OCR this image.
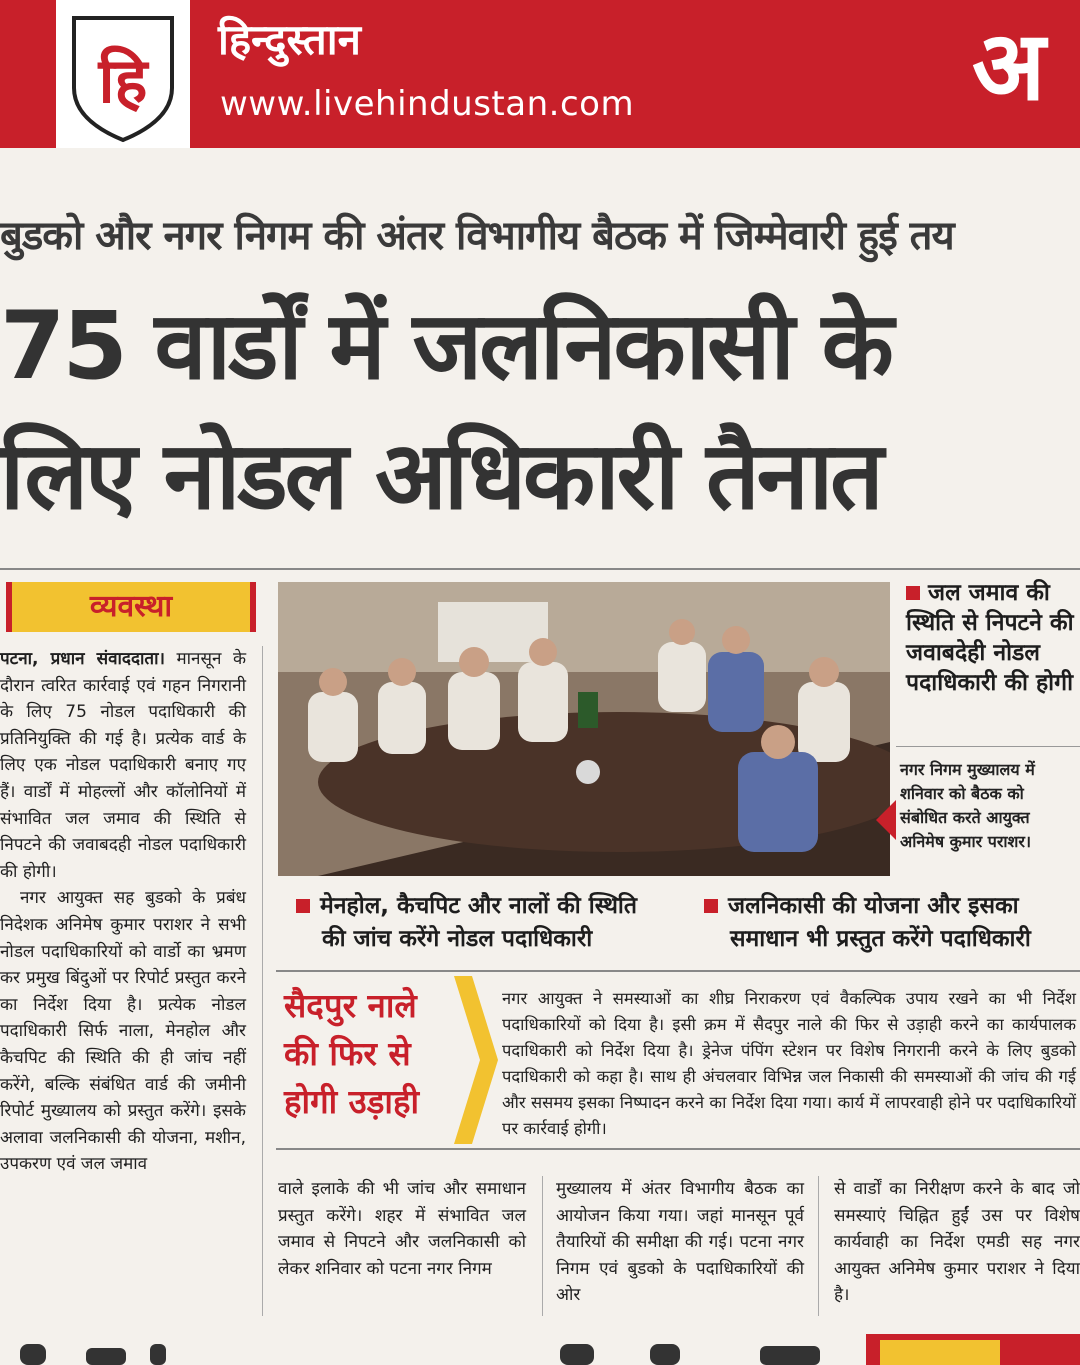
हि
हिन्दुस्तान
www.livehindustan.com	अ
बुडको और नगर निगम की अंतर विभागीय बैठक में जिम्मेवारी हुई तय
75 वार्डों में जलनिकासी के
लिए नोडल अधिकारी तैनात
व्यवस्था

पटना, प्रधान संवाददाता। मानसून के दौरान त्वरित कार्रवाई एवं गहन निगरानी के लिए 75 नोडल पदाधिकारी की प्रतिनियुक्ति की गई है। प्रत्येक वार्ड के लिए एक नोडल पदाधिकारी बनाए गए हैं। वार्डों में मोहल्लों और कॉलोनियों में संभावित जल जमाव की स्थिति से निपटने की जवाबदही नोडल पदाधिकारी की होगी।

नगर आयुक्त सह बुडको के प्रबंध निदेशक अनिमेष कुमार पराशर ने सभी नोडल पदाधिकारियों को वार्डो का भ्रमण कर प्रमुख बिंदुओं पर रिपोर्ट प्रस्तुत करने का निर्देश दिया है। प्रत्येक नोडल पदाधिकारी सिर्फ नाला, मेनहोल और कैचपिट की स्थिति की ही जांच नहीं करेंगे, बल्कि संबंधित वार्ड की जमीनी रिपोर्ट मुख्यालय को प्रस्तुत करेंगे। इसके अलावा जलनिकासी की योजना, मशीन, उपकरण एवं जल जमाव

जल जमाव की स्थिति से निपटने की जवाबदेही नोडल पदाधिकारी की होगी
नगर निगम मुख्यालय में शनिवार को बैठक को संबोधित करते आयुक्त अनिमेष कुमार पराशर।
मेनहोल, कैचपिट और नालों की स्थिति
की जांच करेंगे नोडल पदाधिकारी
जलनिकासी की योजना और इसका
समाधान भी प्रस्तुत करेंगे पदाधिकारी
सैदपुर नाले की फिर से होगी उड़ाही
नगर आयुक्त ने समस्याओं का शीघ्र निराकरण एवं वैकल्पिक उपाय रखने का भी निर्देश पदाधिकारियों को दिया है। इसी क्रम में सैदपुर नाले की फिर से उड़ाही करने का कार्यपालक पदाधिकारी को निर्देश दिया है। ड्रेनेज पंपिंग स्टेशन पर विशेष निगरानी करने के लिए बुडको पदाधिकारी को कहा है। साथ ही अंचलवार विभिन्न जल निकासी की समस्याओं की जांच की गई और ससमय इसका निष्पादन करने का निर्देश दिया गया। कार्य में लापरवाही होने पर पदाधिकारियों पर कार्रवाई होगी।
वाले इलाके की भी जांच और समाधान प्रस्तुत करेंगे। शहर में संभावित जल जमाव से निपटने और जलनिकासी को लेकर शनिवार को पटना नगर निगम
मुख्यालय में अंतर विभागीय बैठक का आयोजन किया गया। जहां मानसून पूर्व तैयारियों की समीक्षा की गई। पटना नगर निगम एवं बुडको के पदाधिकारियों की ओर
से वार्डों का निरीक्षण करने के बाद जो समस्याएं चिह्नित हुईं उस पर विशेष कार्यवाही का निर्देश एमडी सह नगर आयुक्त अनिमेष कुमार पराशर ने दिया है।
